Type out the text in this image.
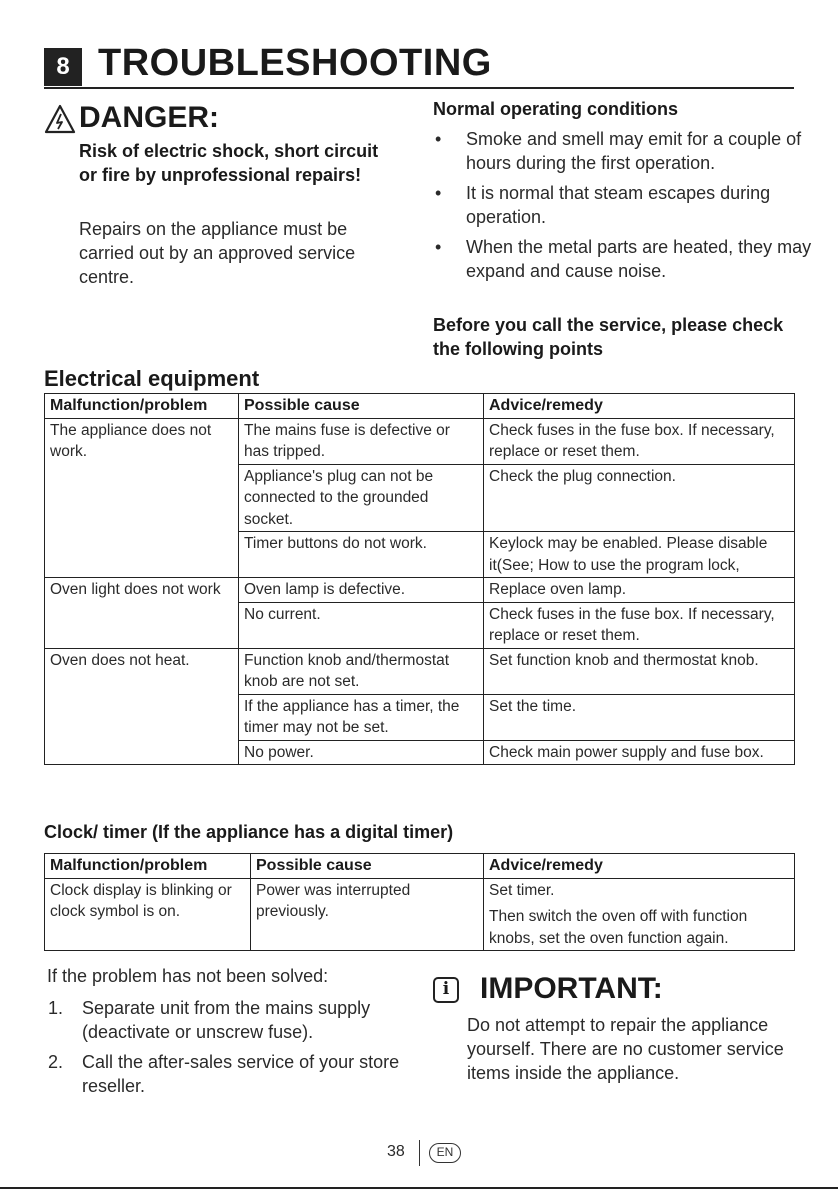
8 TROUBLESHOOTING
DANGER:
Risk of electric shock, short circuit or fire by unprofessional repairs!
Repairs on the appliance must be carried out by an approved service centre.
Normal operating conditions
• Smoke and smell may emit for a couple of hours during the first operation.
• It is normal that steam escapes during operation.
• When the metal parts are heated, they may expand and cause noise.
Before you call the service, please check the following points
Electrical equipment
Malfunction/problem	Possible cause	Advice/remedy
The appliance does not work.	The mains fuse is defective or has tripped.	Check fuses in the fuse box. If necessary, replace or reset them.
	Appliance's plug can not be connected to the grounded socket.	Check the plug connection.
	Timer buttons do not work.	Keylock may be enabled. Please disable it(See; How to use the program lock,
Oven light does not work	Oven lamp is defective.	Replace oven lamp.
	No current.	Check fuses in the fuse box. If necessary, replace or reset them.
Oven does not heat.	Function knob and/thermostat knob are not set.	Set function knob and thermostat knob.
	If the appliance has a timer, the timer may not be set.	Set the time.
	No power.	Check main power supply and fuse box.
Clock/ timer (If the appliance has a digital timer)
Malfunction/problem	Possible cause	Advice/remedy
Clock display is blinking or clock symbol is on.	Power was interrupted previously.	Set timer.
Then switch the oven off with function knobs, set the oven function again.
If the problem has not been solved:
1. Separate unit from the mains supply (deactivate or unscrew fuse).
2. Call the after-sales service of your store reseller.
i	IMPORTANT:
Do not attempt to repair the appliance yourself. There are no customer service items inside the appliance.
38	EN
